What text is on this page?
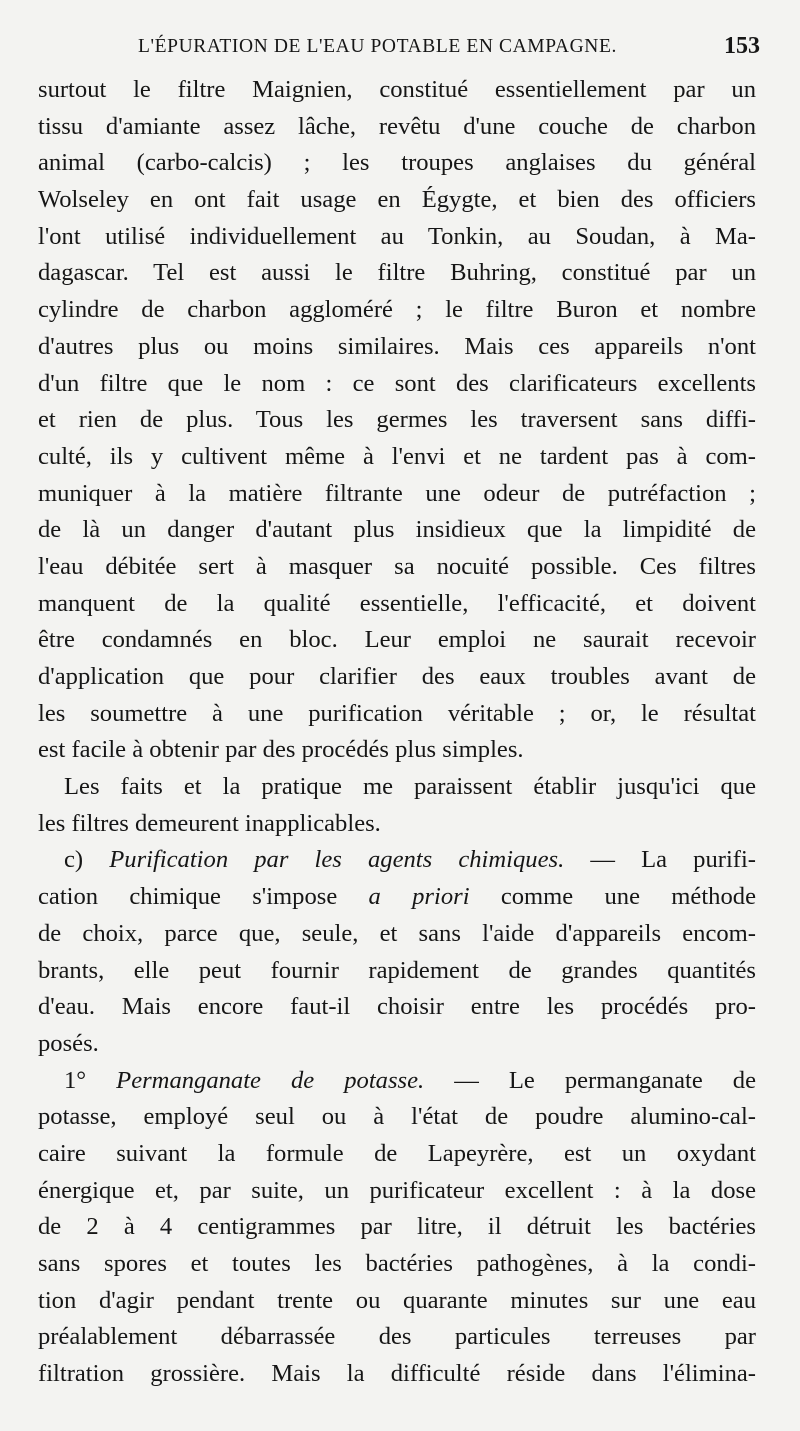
L'ÉPURATION DE L'EAU POTABLE EN CAMPAGNE.	153
surtout le filtre Maignien, constitué essentiellement par un
tissu d'amiante assez lâche, revêtu d'une couche de charbon
animal (carbo-calcis) ; les troupes anglaises du général
Wolseley en ont fait usage en Égygte, et bien des officiers
l'ont utilisé individuellement au Tonkin, au Soudan, à Ma-
dagascar. Tel est aussi le filtre Buhring, constitué par un
cylindre de charbon aggloméré ; le filtre Buron et nombre
d'autres plus ou moins similaires. Mais ces appareils n'ont
d'un filtre que le nom : ce sont des clarificateurs excellents
et rien de plus. Tous les germes les traversent sans diffi-
culté, ils y cultivent même à l'envi et ne tardent pas à com-
muniquer à la matière filtrante une odeur de putréfaction ;
de là un danger d'autant plus insidieux que la limpidité de
l'eau débitée sert à masquer sa nocuité possible. Ces filtres
manquent de la qualité essentielle, l'efficacité, et doivent
être condamnés en bloc. Leur emploi ne saurait recevoir
d'application que pour clarifier des eaux troubles avant de
les soumettre à une purification véritable ; or, le résultat
est facile à obtenir par des procédés plus simples.
Les faits et la pratique me paraissent établir jusqu'ici que
les filtres demeurent inapplicables.
c) Purification par les agents chimiques. — La purifi-
cation chimique s'impose a priori comme une méthode
de choix, parce que, seule, et sans l'aide d'appareils encom-
brants, elle peut fournir rapidement de grandes quantités
d'eau. Mais encore faut-il choisir entre les procédés pro-
posés.
1° Permanganate de potasse. — Le permanganate de
potasse, employé seul ou à l'état de poudre alumino-cal-
caire suivant la formule de Lapeyrère, est un oxydant
énergique et, par suite, un purificateur excellent : à la dose
de 2 à 4 centigrammes par litre, il détruit les bactéries
sans spores et toutes les bactéries pathogènes, à la condi-
tion d'agir pendant trente ou quarante minutes sur une eau
préalablement débarrassée des particules terreuses par
filtration grossière. Mais la difficulté réside dans l'élimina-
